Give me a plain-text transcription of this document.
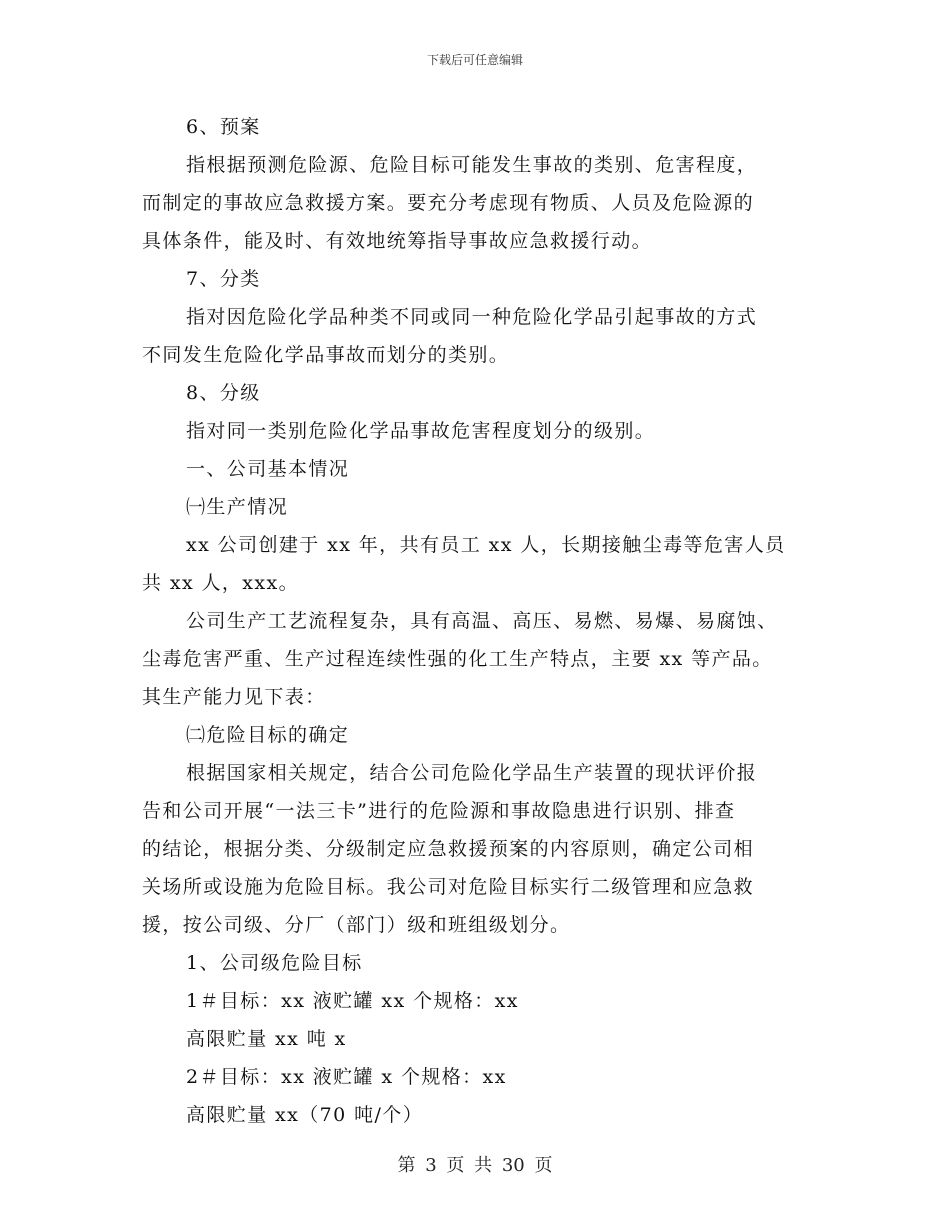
下载后可任意编辑
6、预案
指根据预测危险源、危险目标可能发生事故的类别、危害程度，
而制定的事故应急救援方案。要充分考虑现有物质、人员及危险源的
具体条件，能及时、有效地统筹指导事故应急救援行动。
7、分类
指对因危险化学品种类不同或同一种危险化学品引起事故的方式
不同发生危险化学品事故而划分的类别。
8、分级
指对同一类别危险化学品事故危害程度划分的级别。
一、公司基本情况
㈠生产情况
xx 公司创建于 xx 年，共有员工 xx 人，长期接触尘毒等危害人员
共 xx 人，xxx。
公司生产工艺流程复杂，具有高温、高压、易燃、易爆、易腐蚀、
尘毒危害严重、生产过程连续性强的化工生产特点，主要 xx 等产品。
其生产能力见下表：
㈡危险目标的确定
根据国家相关规定，结合公司危险化学品生产装置的现状评价报
告和公司开展“一法三卡”进行的危险源和事故隐患进行识别、排查
的结论，根据分类、分级制定应急救援预案的内容原则，确定公司相
关场所或设施为危险目标。我公司对危险目标实行二级管理和应急救
援，按公司级、分厂（部门）级和班组级划分。
1、公司级危险目标
1＃目标：xx 液贮罐 xx 个规格：xx
高限贮量 xx 吨 x
2＃目标：xx 液贮罐 x 个规格：xx
高限贮量 xx（70 吨/个）
第 3 页 共 30 页
